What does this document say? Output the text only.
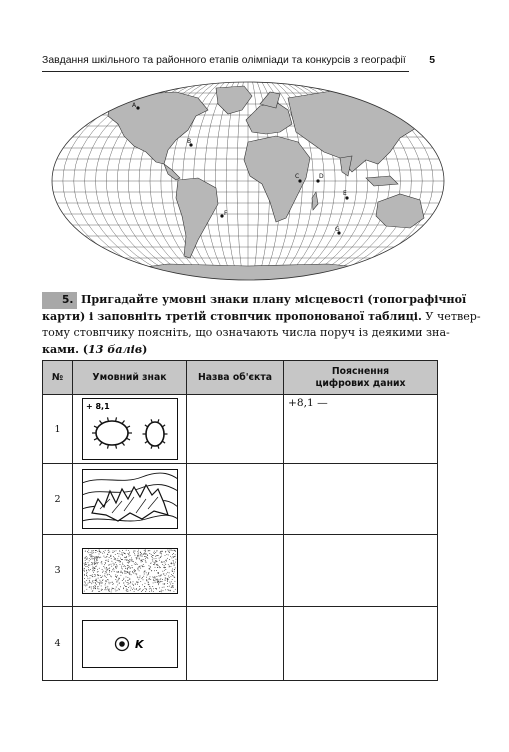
Завдання шкільного та районного етапів олімпіади та конкурсів з географії 5
A
B
C	D
E
F
G
5. Пригадайте умовні знаки плану місцевості (топографічної
карти) і заповніть третій стовпчик пропонованої таблиці. У четвер-
тому стовпчику поясніть, що означають числа поруч із деякими зна-
ками. (13 балів)
№	Умовний знак	Назва об'єкта	Пояснення
цифрових даних
1	+ 8,1		+8,1 —

2	

3	

4	K		
